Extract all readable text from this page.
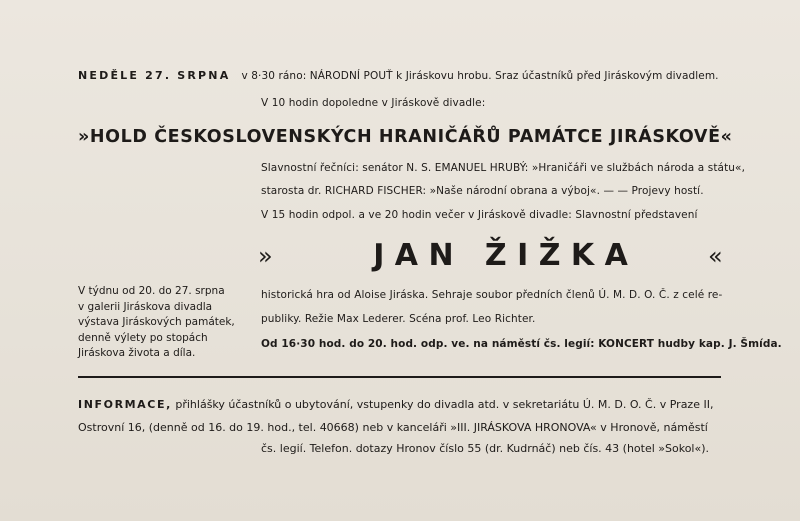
NEDĚLE 27. SRPNA v 8·30 ráno: NÁRODNÍ POUŤ k Jiráskovu hrobu. Sraz účastníků před Jiráskovým divadlem.
V 10 hodin dopoledne v Jiráskově divadle:
»HOLD ČESKOSLOVENSKÝCH HRANIČÁŘŮ PAMÁTCE JIRÁSKOVĚ«
Slavnostní řečníci: senátor N. S. EMANUEL HRUBÝ: »Hraničáři ve službách národa a státu«,
starosta dr. RICHARD FISCHER: »Naše národní obrana a výboj«. — — Projevy hostí.
V 15 hodin odpol. a ve 20 hodin večer v Jiráskově divadle: Slavnostní představení
»	J A N   Ž I Ž K A	«
V týdnu od 20. do 27. srpna
v galerii Jiráskova divadla
výstava Jiráskových památek,
denně výlety po stopách
Jiráskova života a díla.
historická hra od Aloise Jiráska. Sehraje soubor předních členů Ú. M. D. O. Č. z celé re-
publiky. Režie Max Lederer. Scéna prof. Leo Richter.
Od 16·30 hod. do 20. hod. odp. ve. na náměstí čs. legií: KONCERT hudby kap. J. Šmída.
INFORMACE, přihlášky účastníků o ubytování, vstupenky do divadla atd. v sekretariátu Ú. M. D. O. Č. v Praze II,
Ostrovní 16, (denně od 16. do 19. hod., tel. 40668) neb v kanceláři »III. JIRÁSKOVA HRONOVA« v Hronově, náměstí
čs. legií. Telefon. dotazy Hronov číslo 55 (dr. Kudrnáč) neb čís. 43 (hotel »Sokol«).
